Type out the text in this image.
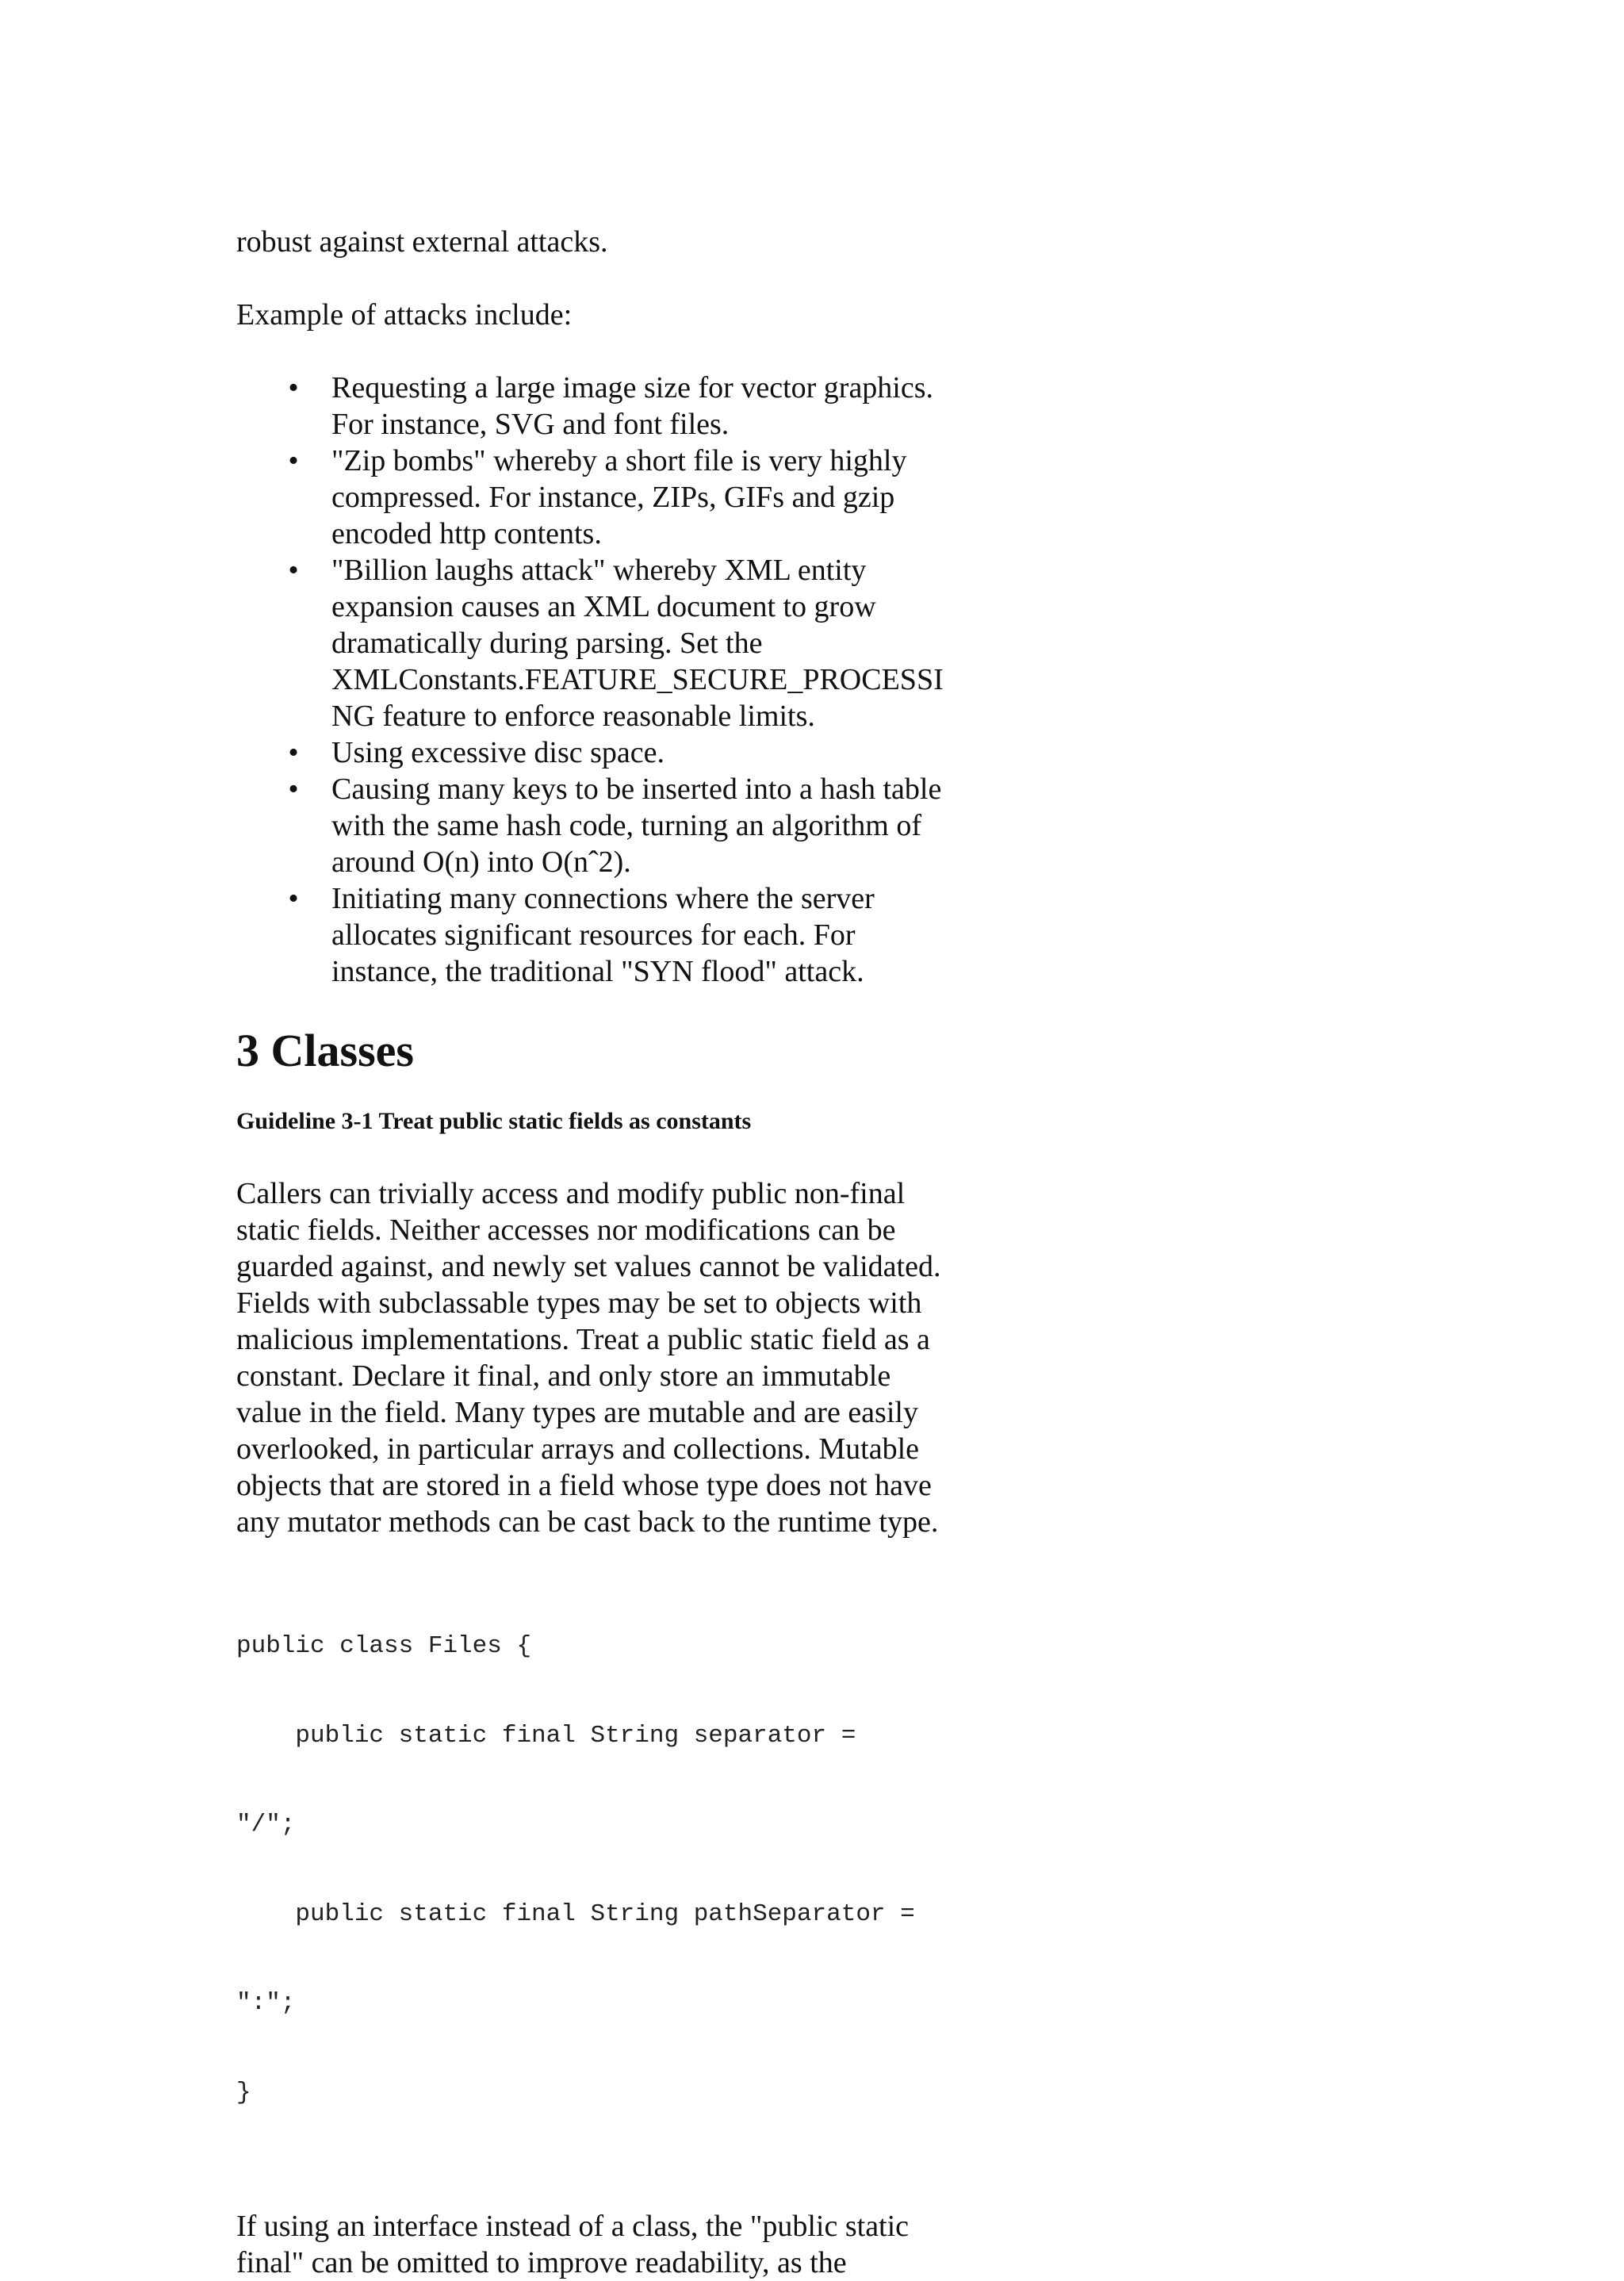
robust against external attacks.

Example of attacks include:

• Requesting a large image size for vector graphics.
For instance, SVG and font files.
• "Zip bombs" whereby a short file is very highly
compressed. For instance, ZIPs, GIFs and gzip
encoded http contents.
• "Billion laughs attack" whereby XML entity
expansion causes an XML document to grow
dramatically during parsing. Set the
XMLConstants.FEATURE_SECURE_PROCESSI
NG feature to enforce reasonable limits.
• Using excessive disc space.
• Causing many keys to be inserted into a hash table
with the same hash code, turning an algorithm of
around O(n) into O(nˆ2).
• Initiating many connections where the server
allocates significant resources for each. For
instance, the traditional "SYN flood" attack.
3 Classes
Guideline 3-1 Treat public static fields as constants
Callers can trivially access and modify public non-final
static fields. Neither accesses nor modifications can be
guarded against, and newly set values cannot be validated.
Fields with subclassable types may be set to objects with
malicious implementations. Treat a public static field as a
constant. Declare it final, and only store an immutable
value in the field. Many types are mutable and are easily
overlooked, in particular arrays and collections. Mutable
objects that are stored in a field whose type does not have
any mutator methods can be cast back to the runtime type.

public class Files {

public static final String separator =

"/";

public static final String pathSeparator =

":";

}

If using an interface instead of a class, the "public static
final" can be omitted to improve readability, as the
